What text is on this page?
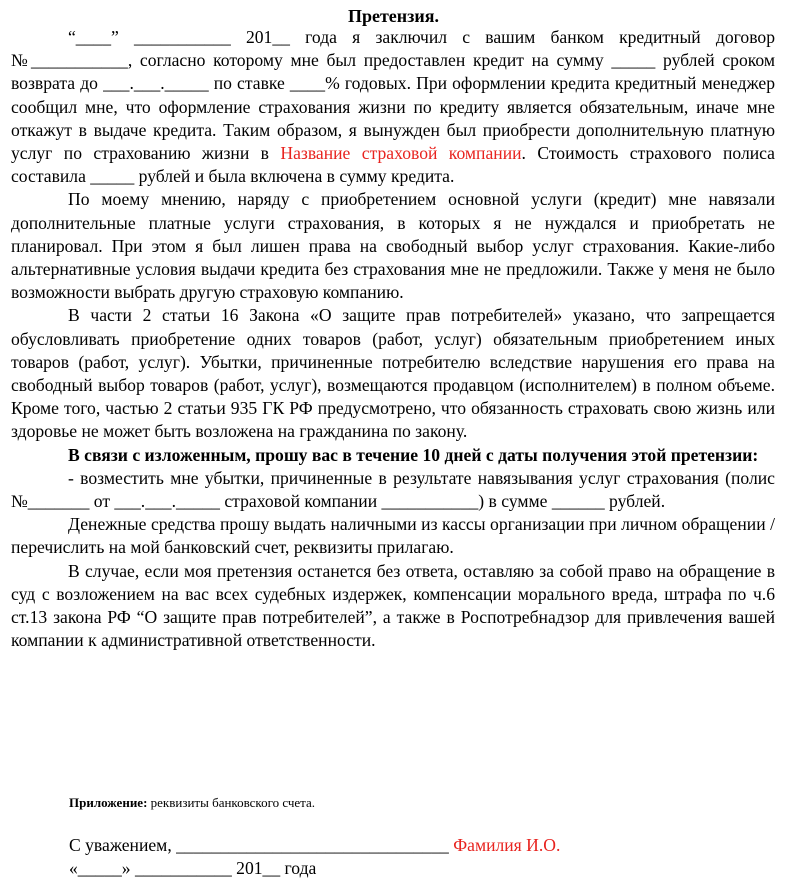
Претензия.

“____” ___________ 201__ года я заключил с вашим банком кредитный договор №___________, согласно которому мне был предоставлен кредит на сумму _____ рублей сроком возврата до ___.___._____ по ставке ____% годовых. При оформлении кредита кредитный менеджер сообщил мне, что оформление страхования жизни по кредиту является обязательным, иначе мне откажут в выдаче кредита. Таким образом, я вынужден был приобрести дополнительную платную услуг по страхованию жизни в Название страховой компании. Стоимость страхового полиса составила _____ рублей и была включена в сумму кредита.

По моему мнению, наряду с приобретением основной услуги (кредит) мне навязали дополнительные платные услуги страхования, в которых я не нуждался и приобретать не планировал. При этом я был лишен права на свободный выбор услуг страхования. Какие-либо альтернативные условия выдачи кредита без страхования мне не предложили. Также у меня не было возможности выбрать другую страховую компанию.

В части 2 статьи 16 Закона «О защите прав потребителей» указано, что запрещается обусловливать приобретение одних товаров (работ, услуг) обязательным приобретением иных товаров (работ, услуг). Убытки, причиненные потребителю вследствие нарушения его права на свободный выбор товаров (работ, услуг), возмещаются продавцом (исполнителем) в полном объеме. Кроме того, частью 2 статьи 935 ГК РФ предусмотрено, что обязанность страховать свою жизнь или здоровье не может быть возложена на гражданина по закону.

В связи с изложенным, прошу вас в течение 10 дней с даты получения этой претензии:

- возместить мне убытки, причиненные в результате навязывания услуг страхования (полис №_______ от ___.___._____ страховой компании ___________) в сумме ______ рублей.

Денежные средства прошу выдать наличными из кассы организации при личном обращении / перечислить на мой банковский счет, реквизиты прилагаю.

В случае, если моя претензия останется без ответа, оставляю за собой право на обращение в суд с возложением на вас всех судебных издержек, компенсации морального вреда, штрафа по ч.6 ст.13 закона РФ “О защите прав потребителей”, а также в Роспотребнадзор для привлечения вашей компании к административной ответственности.

Приложение: реквизиты банковского счета.
С уважением, _______________________________ Фамилия И.О.
«_____» ___________ 201__ года
